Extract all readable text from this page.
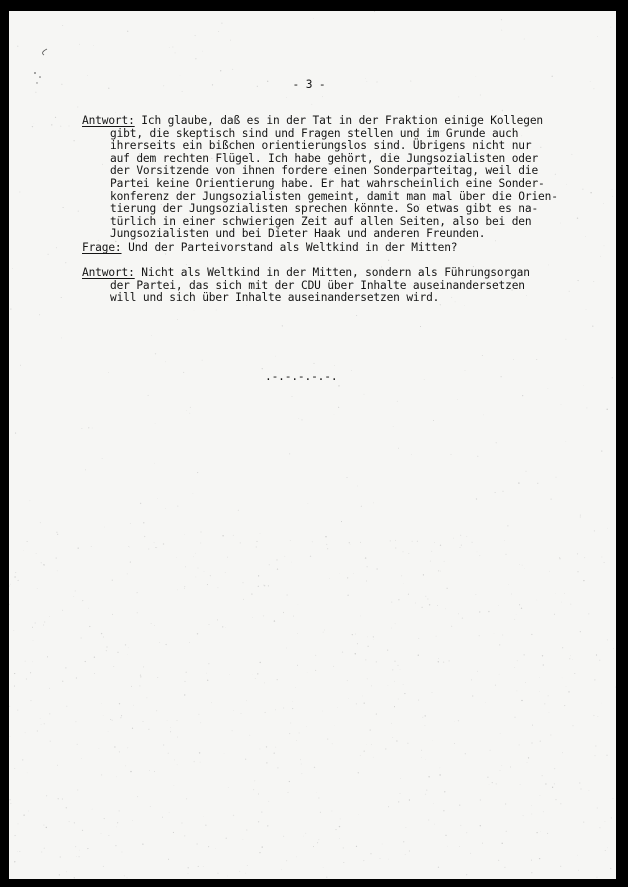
- 3 -
Antwort: Ich glaube, daß es in der Tat in der Fraktion einige Kollegen
gibt, die skeptisch sind und Fragen stellen und im Grunde auch
ihrerseits ein bißchen orientierungslos sind. Übrigens nicht nur
auf dem rechten Flügel. Ich habe gehört, die Jungsozialisten oder
der Vorsitzende von ihnen fordere einen Sonderparteitag, weil die
Partei keine Orientierung habe. Er hat wahrscheinlich eine Sonder-
konferenz der Jungsozialisten gemeint, damit man mal über die Orien-
tierung der Jungsozialisten sprechen könnte. So etwas gibt es na-
türlich in einer schwierigen Zeit auf allen Seiten, also bei den
Jungsozialisten und bei Dieter Haak und anderen Freunden.
Frage: Und der Parteivorstand als Weltkind in der Mitten?
Antwort: Nicht als Weltkind in der Mitten, sondern als Führungsorgan
der Partei, das sich mit der CDU über Inhalte auseinandersetzen
will und sich über Inhalte auseinandersetzen wird.
.-.-.-.-.-.
